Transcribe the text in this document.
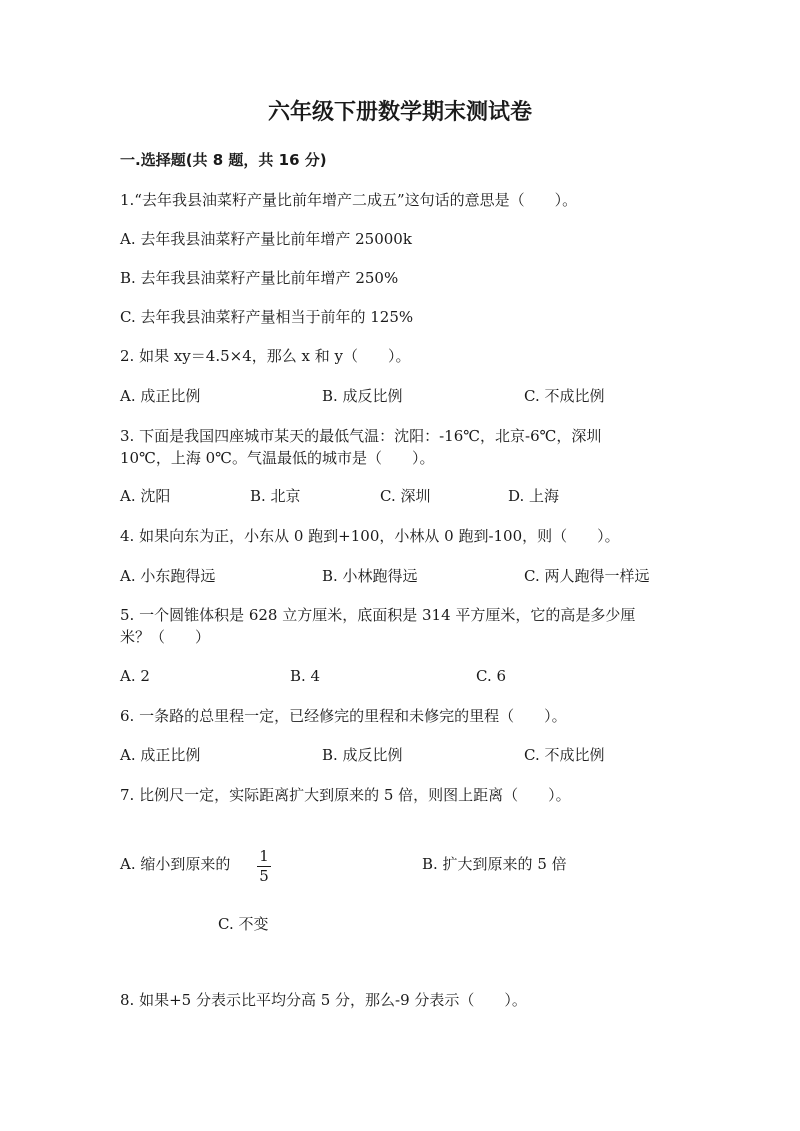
六年级下册数学期末测试卷
一.选择题(共 8 题，共 16 分)
1.“去年我县油菜籽产量比前年增产二成五”这句话的意思是（　　）。
A. 去年我县油菜籽产量比前年增产 25000k
B. 去年我县油菜籽产量比前年增产 250%
C. 去年我县油菜籽产量相当于前年的 125%
2. 如果 xy＝4.5×4，那么 x 和 y（　　）。
A. 成正比例	B. 成反比例	C. 不成比例
3. 下面是我国四座城市某天的最低气温：沈阳：-16℃，北京-6℃，深圳
10℃，上海 0℃。气温最低的城市是（　　）。
A. 沈阳	B. 北京	C. 深圳	D. 上海
4. 如果向东为正，小东从 0 跑到+100，小林从 0 跑到-100，则（　　）。
A. 小东跑得远	B. 小林跑得远	C. 两人跑得一样远
5. 一个圆锥体积是 628 立方厘米，底面积是 314 平方厘米，它的高是多少厘
米？（　　）
A. 2	B. 4	C. 6
6. 一条路的总里程一定，已经修完的里程和未修完的里程（　　）。
A. 成正比例	B. 成反比例	C. 不成比例
7. 比例尺一定，实际距离扩大到原来的 5 倍，则图上距离（　　）。
A. 缩小到原来的 1
5
B. 扩大到原来的 5 倍
C. 不变
8. 如果+5 分表示比平均分高 5 分，那么-9 分表示（　　）。
